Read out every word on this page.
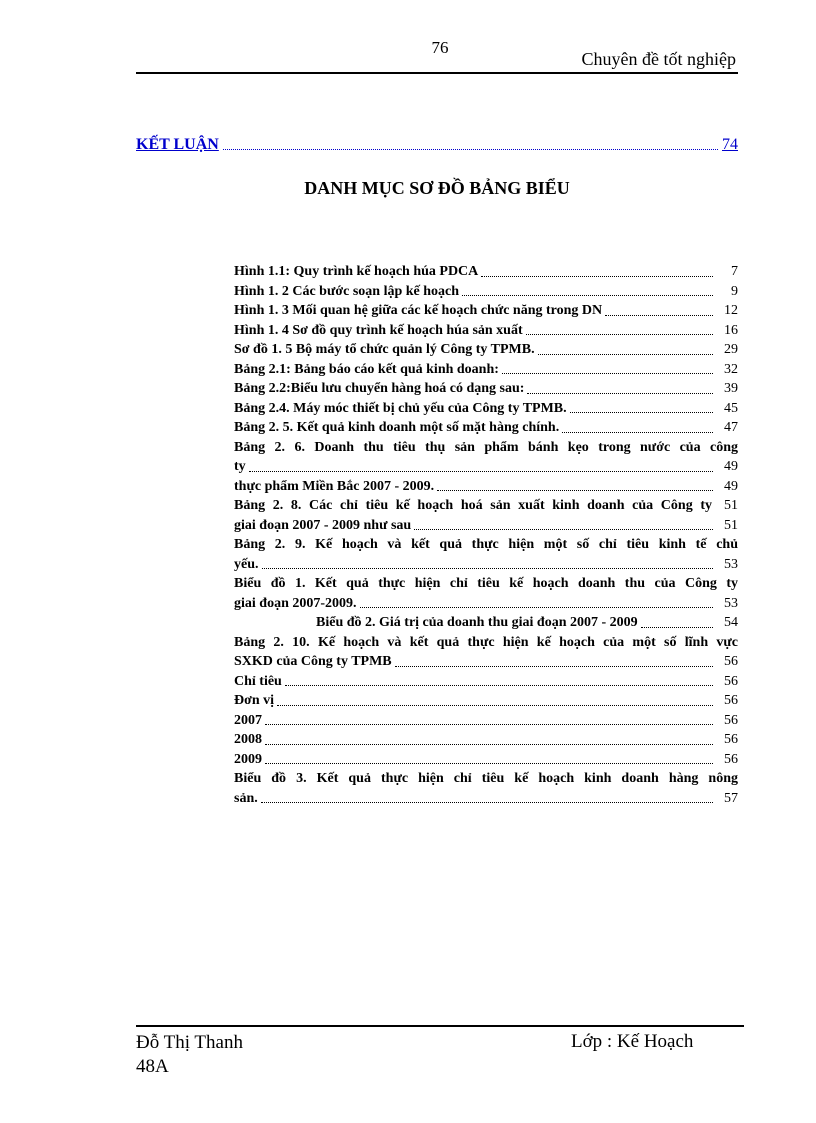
76
Chuyên đề tốt nghiệp
KẾT LUẬN	74
DANH MỤC SƠ ĐỒ BẢNG BIỂU
Hình 1.1: Quy trình kế hoạch húa PDCA	7
Hình 1. 2 Các bước soạn lập kế hoạch	9
Hình 1. 3 Mối quan hệ giữa các kế hoạch chức năng trong DN	12
Hình 1. 4 Sơ đồ quy trình kế hoạch húa sản xuất	16
Sơ đồ 1. 5 Bộ máy tổ chức quản lý Công ty TPMB.	29
Bảng 2.1: Bảng báo cáo kết quả kinh doanh:	32
Bảng 2.2:Biểu lưu chuyển hàng hoá có dạng sau:	39
Bảng 2.4. Máy móc thiết bị chủ yếu của Công ty TPMB.	45
Bảng 2. 5. Kết quả kinh doanh một số mặt hàng chính.	47
Bảng 2. 6. Doanh thu tiêu thụ sản phẩm bánh kẹo trong nước của công
ty	49
thực phẩm Miền Bắc 2007 - 2009.	49
Bảng 2. 8. Các chỉ tiêu kế hoạch hoá sản xuất kinh doanh của Công ty 51
giai đoạn 2007 - 2009 như sau	51
Bảng 2. 9. Kế hoạch và kết quả thực hiện một số chỉ tiêu kinh tế chủ
yếu.	53
Biểu đồ 1. Kết quả thực hiện chỉ tiêu kế hoạch doanh thu của Công ty
giai đoạn 2007-2009.	53
Biểu đồ 2. Giá trị của doanh thu giai đoạn 2007 - 2009	54
Bảng 2. 10. Kế hoạch và kết quả thực hiện kế hoạch của một số lĩnh vực
SXKD của Công ty TPMB	56
Chỉ tiêu	56
Đơn vị	56
2007	56
2008	56
2009	56
Biểu đồ 3. Kết quả thực hiện chỉ tiêu kế hoạch kinh doanh hàng nông
sản.	57
Đỗ Thị Thanh
48A
Lớp : Kế Hoạch
